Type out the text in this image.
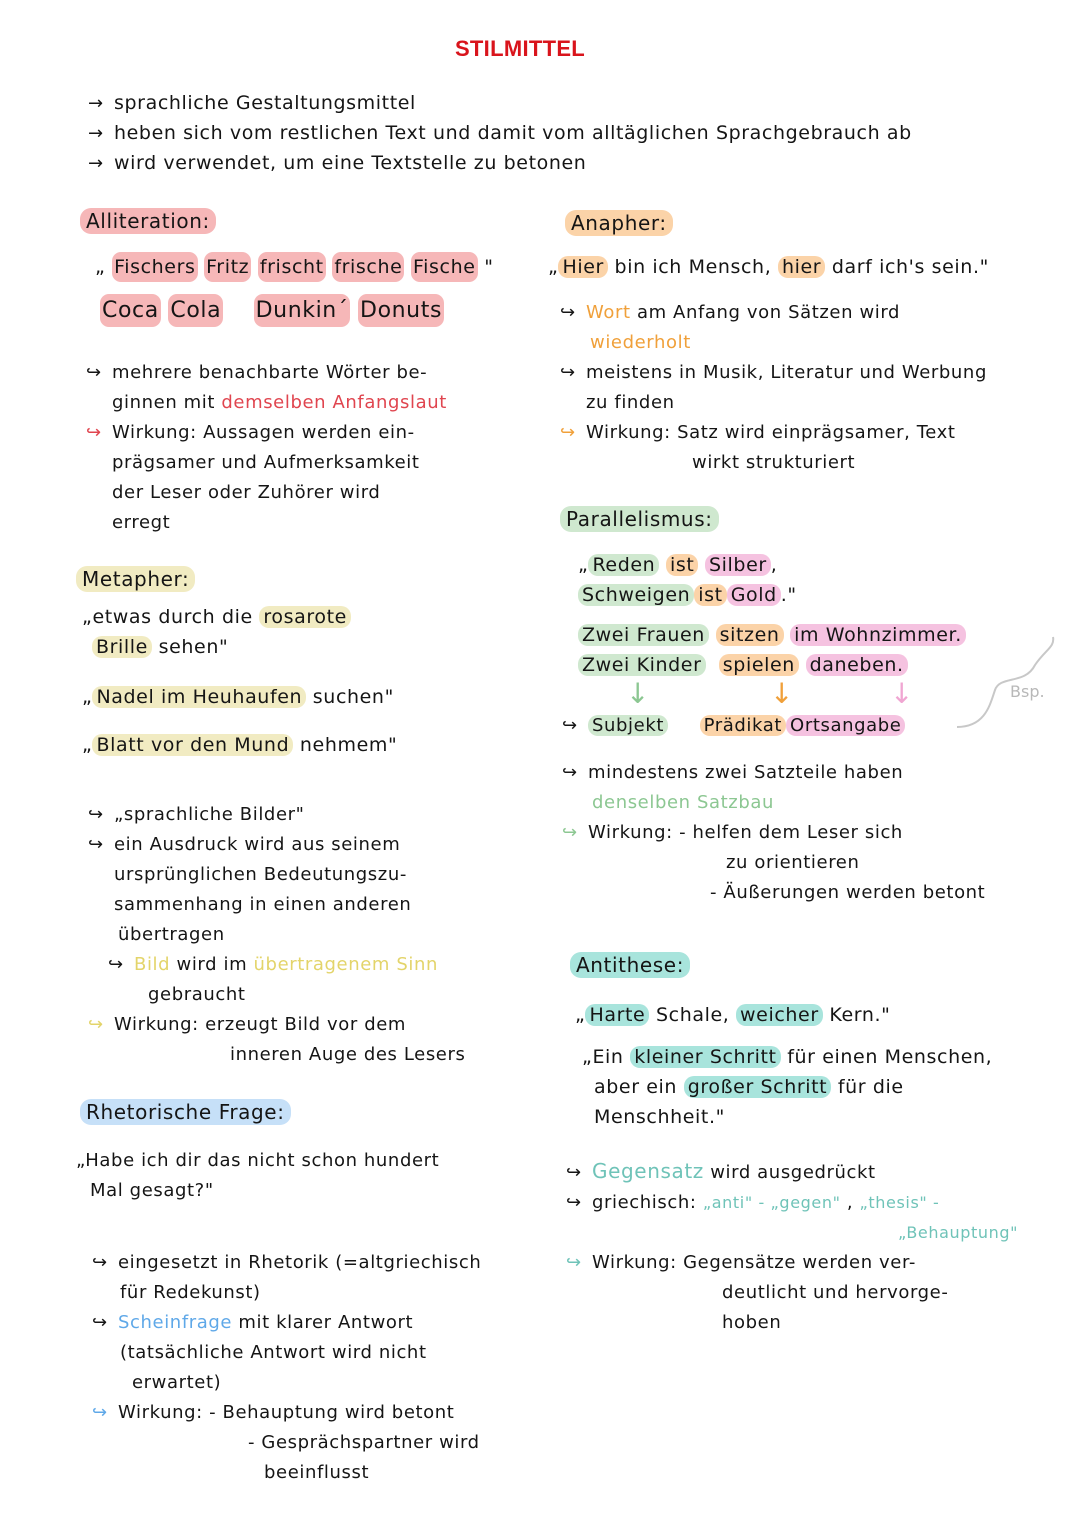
STILMITTEL
→ sprachliche Gestaltungsmittel
→ heben sich vom restlichen Text und damit vom alltäglichen Sprachgebrauch ab
→ wird verwendet, um eine Textstelle zu betonen
Alliteration:
„ Fischers Fritz frischt frische Fische "
Coca Cola Dunkin´ Donuts
↪ mehrere benachbarte Wörter be-
ginnen mit demselben Anfangslaut
↪ Wirkung: Aussagen werden ein-
prägsamer und Aufmerksamkeit
der Leser oder Zuhörer wird
erregt
Anapher:
„ Hier bin ich Mensch, hier darf ich's sein."
↪ Wort am Anfang von Sätzen wird
wiederholt
↪ meistens in Musik, Literatur und Werbung
zu finden
↪ Wirkung: Satz wird einprägsamer, Text
wirkt strukturiert
Metapher:
„etwas durch die rosarote
Brille sehen"
„ Nadel im Heuhaufen suchen"
„ Blatt vor den Mund nehmem"
↪ „sprachliche Bilder"
↪ ein Ausdruck wird aus seinem
ursprünglichen Bedeutungszu-
sammenhang in einen anderen
übertragen
↪ Bild wird im übertragenem Sinn
gebraucht
↪ Wirkung: erzeugt Bild vor dem
inneren Auge des Lesers
Parallelismus:
„ Reden ist Silber ,
Schweigen ist Gold ."
Zwei Frauen sitzen im Wohnzimmer.
Zwei Kinder spielen daneben.
↓	↓	↓
↪ Subjekt Prädikat Ortsangabe
Bsp.
↪ mindestens zwei Satzteile haben
denselben Satzbau
↪ Wirkung: - helfen dem Leser sich
zu orientieren
- Äußerungen werden betont
Antithese:
„ Harte Schale, weicher Kern."
„Ein kleiner Schritt für einen Menschen,
aber ein großer Schritt für die
Menschheit."
↪ Gegensatz wird ausgedrückt
↪ griechisch: „anti" - „gegen" , „thesis" -
„Behauptung"
↪ Wirkung: Gegensätze werden ver-
deutlicht und hervorge-
hoben
Rhetorische Frage:
„Habe ich dir das nicht schon hundert
Mal gesagt?"
↪ eingesetzt in Rhetorik (=altgriechisch
für Redekunst)
↪ Scheinfrage mit klarer Antwort
(tatsächliche Antwort wird nicht
erwartet)
↪ Wirkung: - Behauptung wird betont
- Gesprächspartner wird
beeinflusst
